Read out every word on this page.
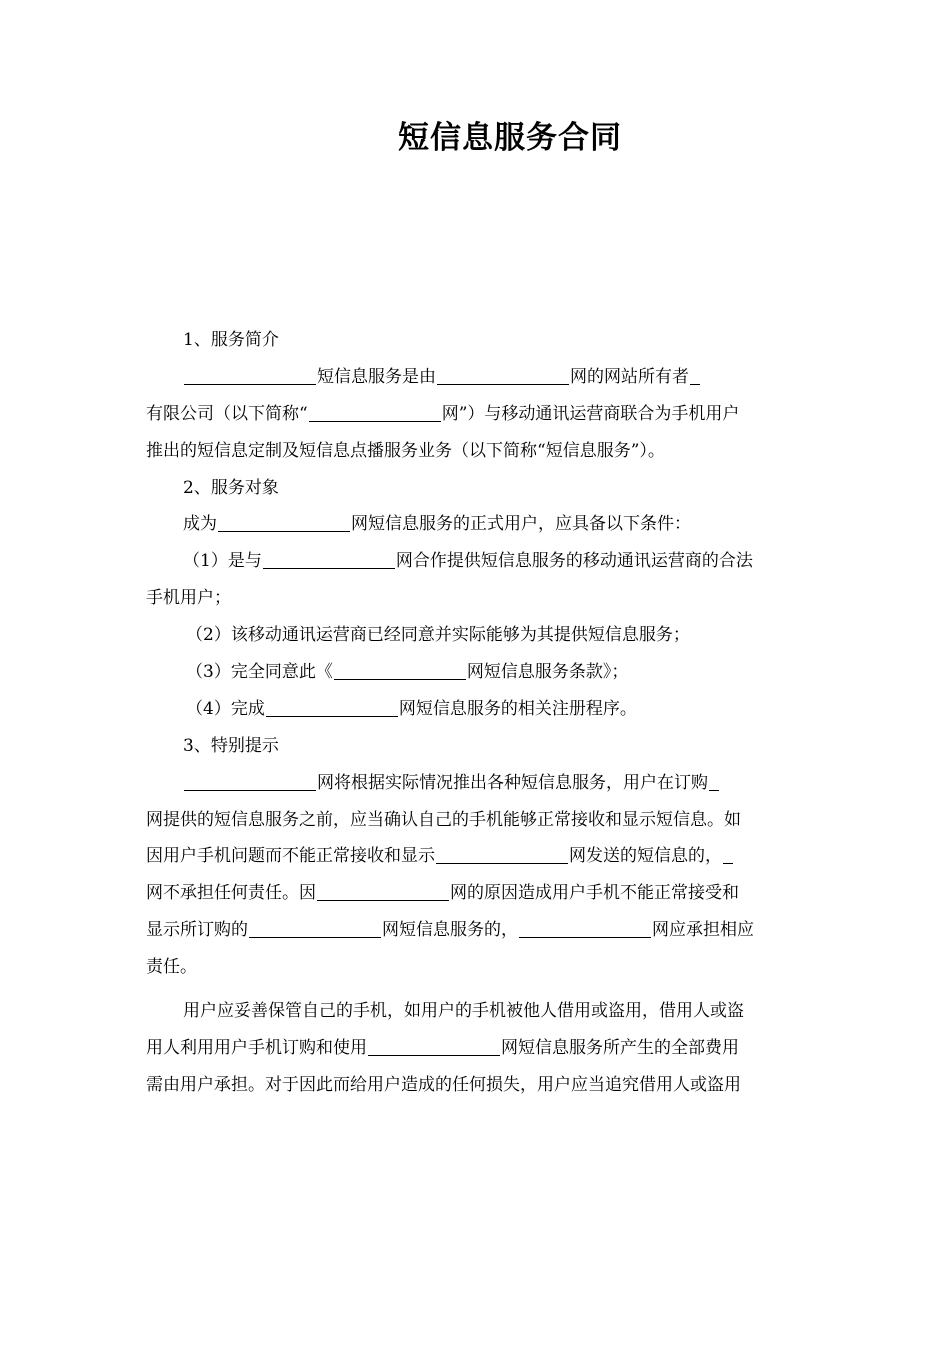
短信息服务合同
1、服务简介
短信息服务是由	网的网站所有者
有限公司（以下简称“	网”）与移动通讯运营商联合为手机用户
推出的短信息定制及短信息点播服务业务（以下简称“短信息服务”）。
2、服务对象
成为	网短信息服务的正式用户，应具备以下条件：
（1）是与	网合作提供短信息服务的移动通讯运营商的合法
手机用户；
（2）该移动通讯运营商已经同意并实际能够为其提供短信息服务；
（3）完全同意此《	网短信息服务条款》；
（4）完成	网短信息服务的相关注册程序。
3、特别提示
网将根据实际情况推出各种短信息服务，用户在订购
网提供的短信息服务之前，应当确认自己的手机能够正常接收和显示短信息。如
因用户手机问题而不能正常接收和显示	网发送的短信息的，
网不承担任何责任。因	网的原因造成用户手机不能正常接受和
显示所订购的	网短信息服务的，	网应承担相应
责任。
用户应妥善保管自己的手机，如用户的手机被他人借用或盗用，借用人或盗
用人利用用户手机订购和使用	网短信息服务所产生的全部费用
需由用户承担。对于因此而给用户造成的任何损失，用户应当追究借用人或盗用
